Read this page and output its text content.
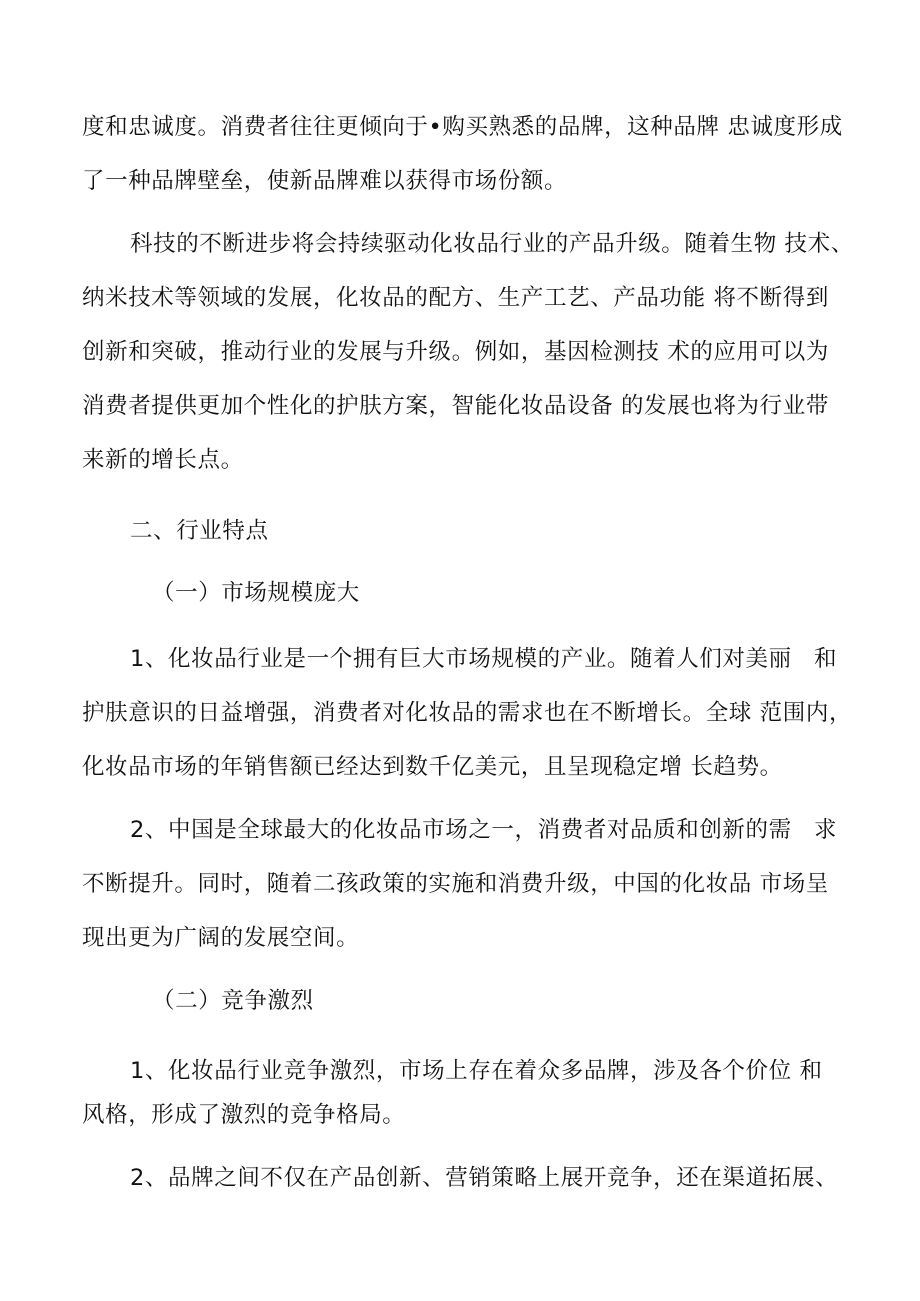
度和忠诚度。消费者往往更倾向于•购买熟悉的品牌，这种品牌 忠诚度形成
了一种品牌壁垒，使新品牌难以获得市场份额。
科技的不断进步将会持续驱动化妆品行业的产品升级。随着生物 技术、
纳米技术等领域的发展，化妆品的配方、生产工艺、产品功能 将不断得到
创新和突破，推动行业的发展与升级。例如，基因检测技 术的应用可以为
消费者提供更加个性化的护肤方案，智能化妆品设备 的发展也将为行业带
来新的增长点。
二、行业特点
（一）市场规模庞大
1、化妆品行业是一个拥有巨大市场规模的产业。随着人们对美丽 和
护肤意识的日益增强，消费者对化妆品的需求也在不断增长。全球 范围内，
化妆品市场的年销售额已经达到数千亿美元，且呈现稳定增 长趋势。
2、中国是全球最大的化妆品市场之一，消费者对品质和创新的需 求
不断提升。同时，随着二孩政策的实施和消费升级，中国的化妆品 市场呈
现出更为广阔的发展空间。
（二）竞争激烈
1、化妆品行业竞争激烈，市场上存在着众多品牌，涉及各个价位 和
风格，形成了激烈的竞争格局。
2、品牌之间不仅在产品创新、营销策略上展开竞争，还在渠道拓 展、
